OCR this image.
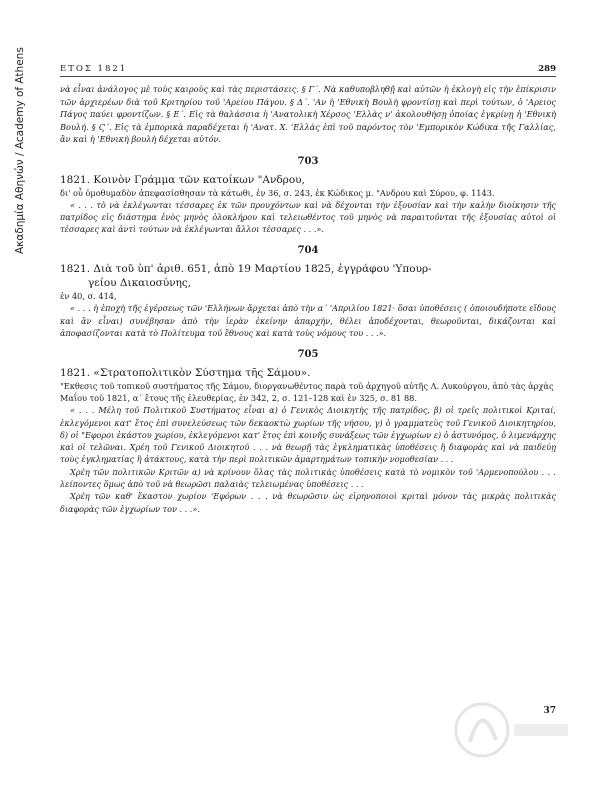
Ακαδημία Αθηνών / Academy of Athens	ΕΤΟΣ 1821	289
νὰ εἶναι ἀνάλογος μὲ τοὺς καιροὺς καὶ τὰς περιστάσεις. § Γ΄. Νὰ καθυποβληθῇ καὶ αὐτῶν ἡ ἐκλογὴ εἰς τὴν ἐπίκρισιν τῶν ἀρχιερέων διὰ τοῦ Κριτηρίου τοῦ 'Αρείου Πάγου. § Δ΄. 'Αν ἡ 'Εθνικὴ Βουλὴ φροντίσῃ καὶ περὶ τούτων, ὁ 'Αρειος Πάγος παύει φροντίζων. § Ε΄. Εἰς τὰ θαλάσσια ἡ 'Ανατολικὴ Χέρσος 'Ελλὰς ν' ἀκολουθήσῃ ὁποίας ἐγκρίνῃ ἡ 'Εθνικὴ Βουλή. § Ϛ΄. Εἰς τὰ ἐμπορικὰ παραδέχεται ἡ 'Ανατ. Χ. 'Ελλὰς ἐπὶ τοῦ παρόντος τὸν 'Εμπορικὸν Κώδικα τῆς Γαλλίας, ἂν καὶ ἡ 'Εθνικὴ βουλὴ δέχεται αὐτόν.
703
1821. Κοινὸν Γράμμα τῶν κατοίκων "Ανδρου,
δι' οὗ ὁμοθυμαδὸν ἀπεφασίσθησαν τὰ κάτωθι, ἐν 36, σ. 243, ἐκ Κώδικος μ. "Ανδρου καὶ Σύρου, φ. 1143.
« . . . τὸ νὰ ἐκλέγωνται τέσσαρες ἐκ τῶν προυχόντων καὶ νὰ δέχονται τὴν ἐξουσίαν καὶ τὴν καλὴν διοίκησιν τῆς πατρίδος εἰς διάστημα ἑνὸς μηνὸς ὁλοκλήρου καὶ τελειωθέντος τοῦ μηνὸς νὰ παραιτοῦνται τῆς ἐξουσίας αὐτοὶ οἱ τέσσαρες καὶ ἀντὶ τούτων νὰ ἐκλέγωνται ἄλλοι τέσσαρες . . .».
704
1821. Διὰ τοῦ ὑπ' ἀριθ. 651, ἀπὸ 19 Μαρτίου 1825, ἐγγράφου 'Υπουρ-
γείου Δικαιοσύνης,
ἐν 40, σ. 414,
« . . . ἡ ἐποχὴ τῆς ἐγέρσεως τῶν 'Ελλήνων ἄρχεται ἀπὸ τὴν α΄ 'Απριλίου 1821· ὅσαι ὑποθέσεις ( ὁποιουδήποτε εἴδους καὶ ἂν εἶναι) συνέβησαν ἀπὸ τὴν ἱερὰν ἐκείνην ἀπαρχήν, θέλει ἀποδέχονται, θεωροῦνται, δικάζονται καὶ ἀποφασίζονται κατὰ τὸ Πολίτευμα τοῦ ἔθνους καὶ κατὰ τοὺς νόμους του . . .».
705
1821. «Στρατοπολιτικὸν Σύστημα τῆς Σάμου».
"Εκθεσις τοῦ τοπικοῦ συστήματος τῆς Σάμου, διοργανωθέντος παρὰ τοῦ ἀρχηγοῦ αὐτῆς Λ. Λυκούργου, ἀπὸ τὰς ἀρχὰς Μαΐου τοῦ 1821, α΄ ἔτους τῆς ἐλευθερίας, ἐν 342, 2, σ. 121–128 καὶ ἐν 325, σ. 81 88.
« . . . Μέλη τοῦ Πολιτικοῦ Συστήματος εἶναι α) ὁ Γενικὸς Διοικητὴς τῆς πατρίδος, β) οἱ τρεῖς πολιτικοὶ Κριταί, ἐκλεγόμενοι κατ' ἔτος ἐπὶ συνελεύσεως τῶν δεκαοκτὼ χωρίων τῆς νήσου, γ) ὁ γραμματεὺς τοῦ Γενικοῦ Διοικητηρίου, δ) οἱ "Εφοροι ἑκάστου χωρίου, ἐκλεγόμενοι κατ' ἔτος ἐπὶ κοινῆς συνάξεως τῶν ἐγχωρίων ε) ὁ ἀστυνόμος, ὁ λιμενάρχης καὶ οἱ τελῶναι. Χρέη τοῦ Γενικοῦ Διοικητοῦ . . . νὰ θεωρῇ τὰς ἐγκληματικὰς ὑποθέσεις ἢ διαφορὰς καὶ νὰ παιδεύῃ τοὺς ἐγκληματίας ἢ ἀτάκτους, κατὰ τὴν περὶ πολιτικῶν ἁμαρτημάτων τοπικὴν νομοθεσίαν . . .
Χρέη τῶν πολιτικῶν Κριτῶν α) νὰ κρίνουν ὅλας τὰς πολιτικὰς ὑποθέσεις κατὰ τὸ νομικὸν τοῦ 'Αρμενοπούλου . . . λείποντες ὅμως ἀπὸ τοῦ νὰ θεωρῶσι παλαιὰς τελειωμένας ὑποθέσεις . . .
Χρέη τῶν καθ' ἕκαστον χωρίον 'Εφόρων . . . νὰ θεωρῶσιν ὡς εἰρηνοποιοὶ κριταὶ μόνον τὰς μικρὰς πολιτικὰς διαφορὰς τῶν ἐγχωρίων τον . . .».
37
